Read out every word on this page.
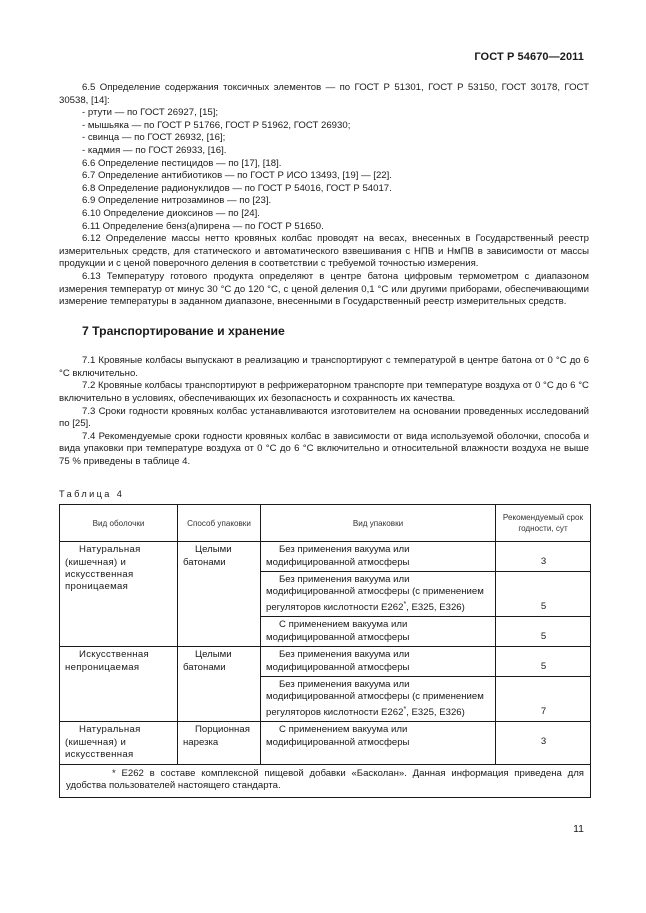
ГОСТ Р 54670—2011

6.5 Определение содержания токсичных элементов — по ГОСТ Р 51301, ГОСТ Р 53150, ГОСТ 30178, ГОСТ 30538, [14]:

- ртути — по ГОСТ 26927, [15];

- мышьяка — по ГОСТ Р 51766, ГОСТ Р 51962, ГОСТ 26930;

- свинца — по ГОСТ 26932, [16];

- кадмия — по ГОСТ 26933, [16].

6.6 Определение пестицидов — по [17], [18].

6.7 Определение антибиотиков — по ГОСТ Р ИСО 13493, [19] — [22].

6.8 Определение радионуклидов — по ГОСТ Р 54016, ГОСТ Р 54017.

6.9 Определение нитрозаминов — по [23].

6.10 Определение диоксинов — по [24].

6.11 Определение бенз(а)пирена — по ГОСТ Р 51650.

6.12 Определение массы нетто кровяных колбас проводят на весах, внесенных в Государственный реестр измерительных средств, для статического и автоматического взвешивания с НПВ и НмПВ в зависимости от массы продукции и с ценой поверочного деления в соответствии с требуемой точностью измерения.

6.13 Температуру готового продукта определяют в центре батона цифровым термометром с диапазоном измерения температур от минус 30 °С до 120 °С, с ценой деления 0,1 °С или другими приборами, обеспечивающими измерение температуры в заданном диапазоне, внесенными в Государственный реестр измерительных средств.

7 Транспортирование и хранение

7.1 Кровяные колбасы выпускают в реализацию и транспортируют с температурой в центре батона от 0 °С до 6 °С включительно.

7.2 Кровяные колбасы транспортируют в рефрижераторном транспорте при температуре воздуха от 0 °С до 6 °С включительно в условиях, обеспечивающих их безопасность и сохранность их качества.

7.3 Сроки годности кровяных колбас устанавливаются изготовителем на основании проведенных исследований по [25].

7.4 Рекомендуемые сроки годности кровяных колбас в зависимости от вида используемой оболочки, способа и вида упаковки при температуре воздуха от 0 °С до 6 °С включительно и относительной влажности воздуха не выше 75 % приведены в таблице 4.

Таблица 4
Вид оболочки	Способ упаковки	Вид упаковки	Рекомендуемый срок годности, сут
Натуральная (кишечная) и искусственная проницаемая	Целыми батонами	Без применения вакуума или модифицированной атмосферы	3
		Без применения вакуума или модифицированной атмосферы (с применением регуляторов кислотности Е262*, Е325, Е326)	5
		С применением вакуума или модифицированной атмосферы	5
Искусственная непроницаемая	Целыми батонами	Без применения вакуума или модифицированной атмосферы	5
		Без применения вакуума или модифицированной атмосферы (с применением регуляторов кислотности Е262*, Е325, Е326)	7
Натуральная (кишечная) и искусственная	Порционная нарезка	С применением вакуума или модифицированной атмосферы	3
* Е262 в составе комплексной пищевой добавки «Басколан». Данная информация приведена для удобства пользователей настоящего стандарта.			
11
